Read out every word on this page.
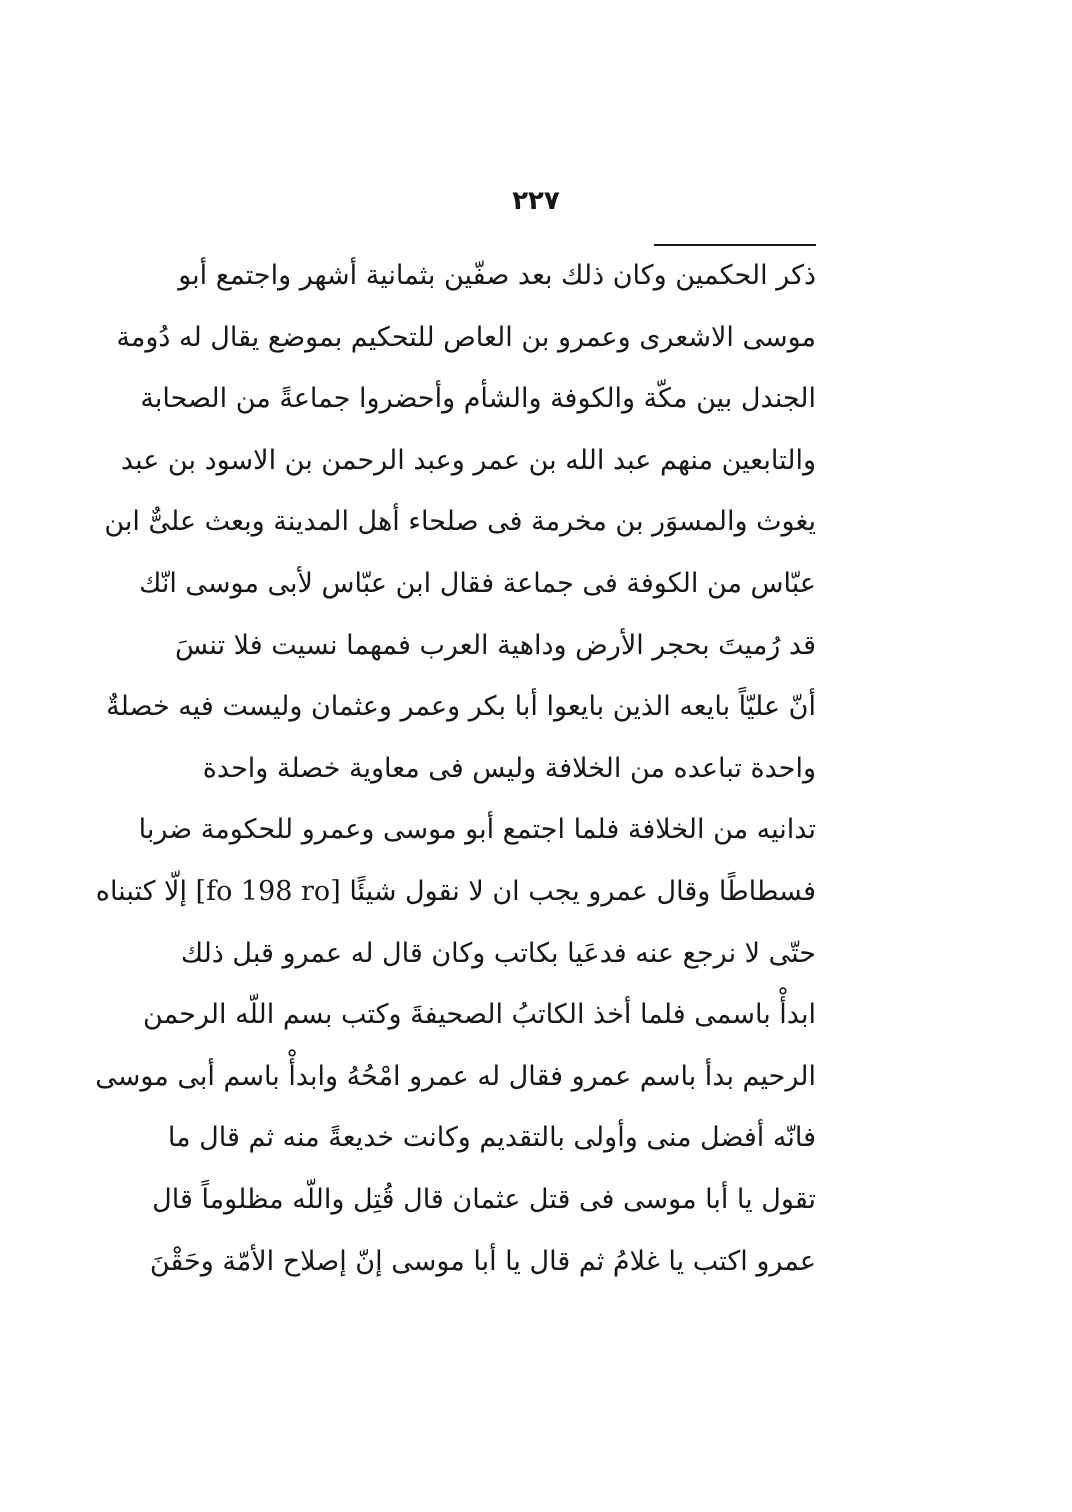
٢٢٧
ذكر الحكمين وكان ذلك بعد صفّين بثمانية أشهر واجتمع أبو
موسى الاشعرى وعمرو بن العاص للتحكيم بموضع يقال له دُومة
الجندل بين مكّة والكوفة والشأم وأحضروا جماعةً من الصحابة
والتابعين منهم عبد الله بن عمر وعبد الرحمن بن الاسود بن عبد
يغوث والمسوَر بن مخرمة فى صلحاء أهل المدينة وبعث علىٌّ ابن
عبّاس من الكوفة فى جماعة فقال ابن عبّاس لأبى موسى انّك
قد رُميتَ بحجر الأرض وداهية العرب فمهما نسيت فلا تنسَ
أنّ عليّاً بايعه الذين بايعوا أبا بكر وعمر وعثمان وليست فيه خصلةٌ
واحدة تباعده من الخلافة وليس فى معاوية خصلة واحدة
تدانيه من الخلافة فلما اجتمع أبو موسى وعمرو للحكومة ضربا
فسطاطًا وقال عمرو يجب ان لا نقول شيئًا [fo 198 ro] إلّا كتبناه
حتّى لا نرجع عنه فدعَيا بكاتب وكان قال له عمرو قبل ذلك
ابدأْ باسمى فلما أخذ الكاتبُ الصحيفةَ وكتب بسم اللّه الرحمن
الرحيم بدأ باسم عمرو فقال له عمرو امْحُهُ وابدأْ باسم أبى موسى
فانّه أفضل منى وأولى بالتقديم وكانت خديعةً منه ثم قال ما
تقول يا أبا موسى فى قتل عثمان قال قُتِل واللّه مظلوماً قال
عمرو اكتب يا غلامُ ثم قال يا أبا موسى إنّ إصلاح الأمّة وحَقْنَ
